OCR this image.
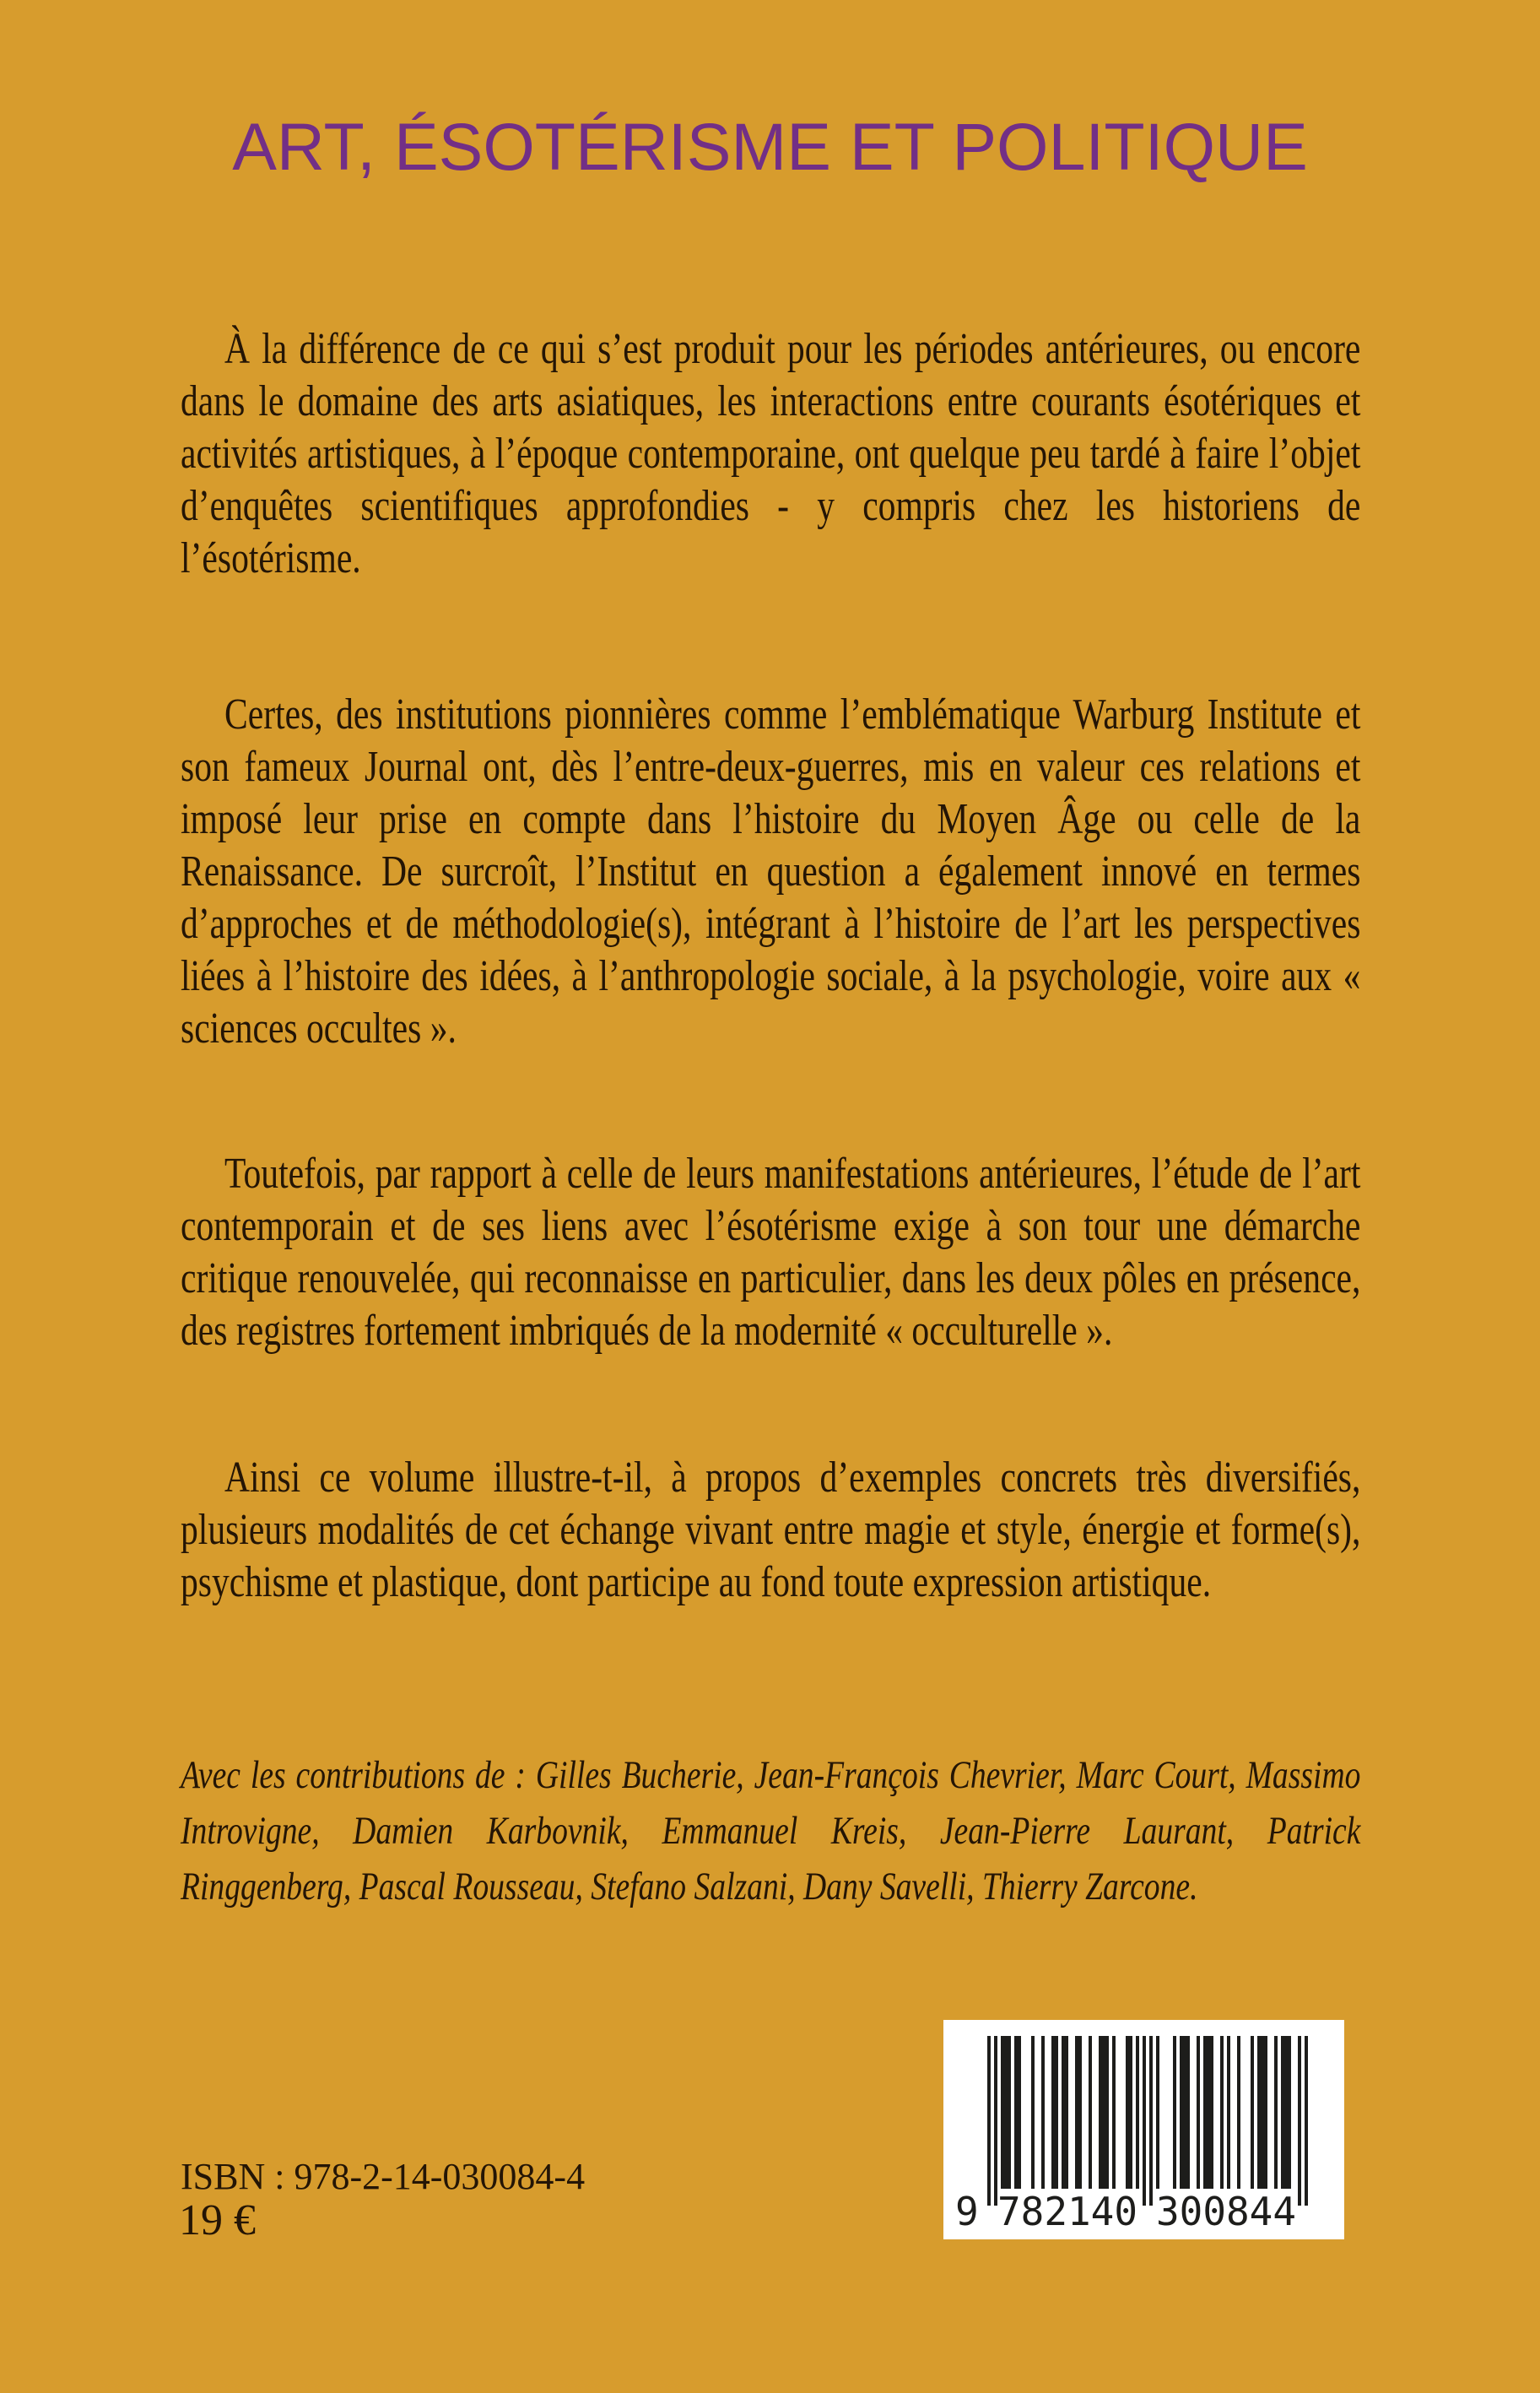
ART, ÉSOTÉRISME ET POLITIQUE

À la différence de ce qui s’est produit pour les périodes antérieures, ou encore dans le domaine des arts asiatiques, les interactions entre courants ésotériques et activités artistiques, à l’époque contemporaine, ont quelque peu tardé à faire l’objet d’enquêtes scientifiques approfondies - y compris chez les historiens de l’ésotérisme.

Certes, des institutions pionnières comme l’emblématique Warburg Institute et son fameux Journal ont, dès l’entre-deux-guerres, mis en valeur ces relations et imposé leur prise en compte dans l’histoire du Moyen Âge ou celle de la Renaissance. De surcroît, l’Institut en question a également innové en termes d’approches et de méthodologie(s), intégrant à l’histoire de l’art les perspectives liées à l’histoire des idées, à l’anthropologie sociale, à la psychologie, voire aux « sciences occultes ».

Toutefois, par rapport à celle de leurs manifestations antérieures, l’étude de l’art contemporain et de ses liens avec l’ésotérisme exige à son tour une démarche critique renouvelée, qui reconnaisse en particulier, dans les deux pôles en présence, des registres fortement imbriqués de la modernité « occulturelle ».

Ainsi ce volume illustre-t-il, à propos d’exemples concrets très diversifiés, plusieurs modalités de cet échange vivant entre magie et style, énergie et forme(s), psychisme et plastique, dont participe au fond toute expression artistique.

Avec les contributions de : Gilles Bucherie, Jean-François Chevrier, Marc Court, Massimo Introvigne, Damien Karbovnik, Emmanuel Kreis, Jean-Pierre Laurant, Patrick Ringgenberg, Pascal Rousseau, Stefano Salzani, Dany Savelli, Thierry Zarcone.

ISBN : 978-2-14-030084-4
19 €	9 782140 300844
